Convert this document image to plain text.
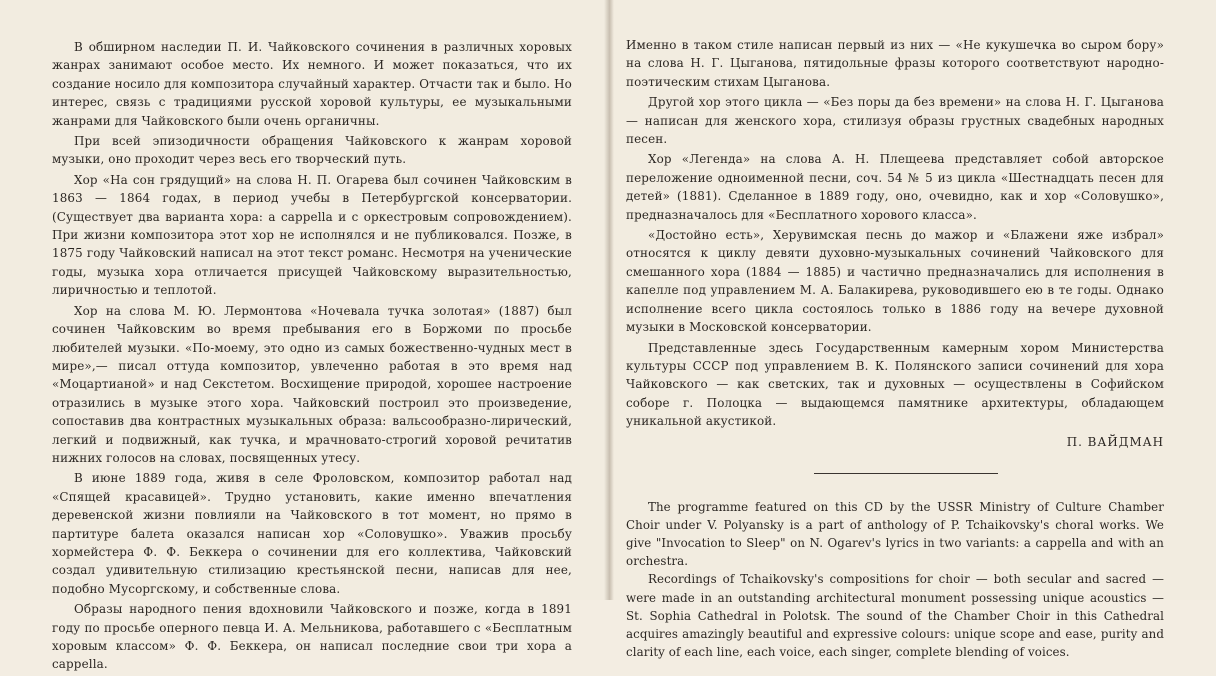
В обширном наследии П. И. Чайковского сочинения в различных хоровых жанрах занимают особое место. Их немного. И может показаться, что их создание носило для композитора случайный характер. Отчасти так и было. Но интерес, связь с традициями русской хоровой культуры, ее музыкальными жанрами для Чайковского были очень органичны.

При всей эпизодичности обращения Чайковского к жанрам хоровой музыки, оно проходит через весь его творческий путь.

Хор «На сон грядущий» на слова Н. П. Огарева был сочинен Чайковским в 1863 — 1864 годах, в период учебы в Петербургской консерватории. (Существует два варианта хора: а cappella и с оркестровым сопровождением). При жизни композитора этот хор не исполнялся и не публиковался. Позже, в 1875 году Чайковский написал на этот текст романс. Несмотря на ученические годы, музыка хора отличается присущей Чайковскому выразительностью, лиричностью и теплотой.

Хор на слова М. Ю. Лермонтова «Ночевала тучка золотая» (1887) был сочинен Чайковским во время пребывания его в Боржоми по просьбе любителей музыки. «По-моему, это одно из самых божественно-чудных мест в мире»,— писал оттуда композитор, увлеченно работая в это время над «Моцартианой» и над Секстетом. Восхищение природой, хорошее настроение отразились в музыке этого хора. Чайковский построил это произведение, сопоставив два контрастных музыкальных образа: вальсообразно-лирический, легкий и подвижный, как тучка, и мрачновато-строгий хоровой речитатив нижних голосов на словах, посвященных утесу.

В июне 1889 года, живя в селе Фроловском, композитор работал над «Спящей красавицей». Трудно установить, какие именно впечатления деревенской жизни повлияли на Чайковского в тот момент, но прямо в партитуре балета оказался написан хор «Соловушко». Уважив просьбу хормейстера Ф. Ф. Беккера о сочинении для его коллектива, Чайковский создал удивительную стилизацию крестьянской песни, написав для нее, подобно Мусоргскому, и собственные слова.

Образы народного пения вдохновили Чайковского и позже, когда в 1891 году по просьбе оперного певца И. А. Мельникова, работавшего с «Бесплатным хоровым классом» Ф. Ф. Беккера, он написал последние свои три хора а cappella.

Именно в таком стиле написан первый из них — «Не кукушечка во сыром бору» на слова Н. Г. Цыганова, пятидольные фразы которого соответствуют народно-поэтическим стихам Цыганова.

Другой хор этого цикла — «Без поры да без времени» на слова Н. Г. Цыганова — написан для женского хора, стилизуя образы грустных свадебных народных песен.

Хор «Легенда» на слова А. Н. Плещеева представляет собой авторское переложение одноименной песни, соч. 54 № 5 из цикла «Шестнадцать песен для детей» (1881). Сделанное в 1889 году, оно, очевидно, как и хор «Соловушко», предназначалось для «Бесплатного хорового класса».

«Достойно есть», Херувимская песнь до мажор и «Блажени яже избрал» относятся к циклу девяти духовно-музыкальных сочинений Чайковского для смешанного хора (1884 — 1885) и частично предназначались для исполнения в капелле под управлением М. А. Балакирева, руководившего ею в те годы. Однако исполнение всего цикла состоялось только в 1886 году на вечере духовной музыки в Московской консерватории.

Представленные здесь Государственным камерным хором Министерства культуры СССР под управлением В. К. Полянского записи сочинений для хора Чайковского — как светских, так и духовных — осуществлены в Софийском соборе г. Полоцка — выдающемся памятнике архитектуры, обладающем уникальной акустикой.

П. ВАЙДМАН

The programme featured on this CD by the USSR Ministry of Culture Chamber Choir under V. Polyansky is a part of anthology of P. Tchaikovsky's choral works. We give "Invocation to Sleep" on N. Ogarev's lyrics in two variants: a cappella and with an orchestra.

Recordings of Tchaikovsky's compositions for choir — both secular and sacred — were made in an outstanding architectural monument possessing unique acoustics — St. Sophia Cathedral in Polotsk. The sound of the Chamber Choir in this Cathedral acquires amazingly beautiful and expressive colours: unique scope and ease, purity and clarity of each line, each voice, each singer, complete blending of voices.
